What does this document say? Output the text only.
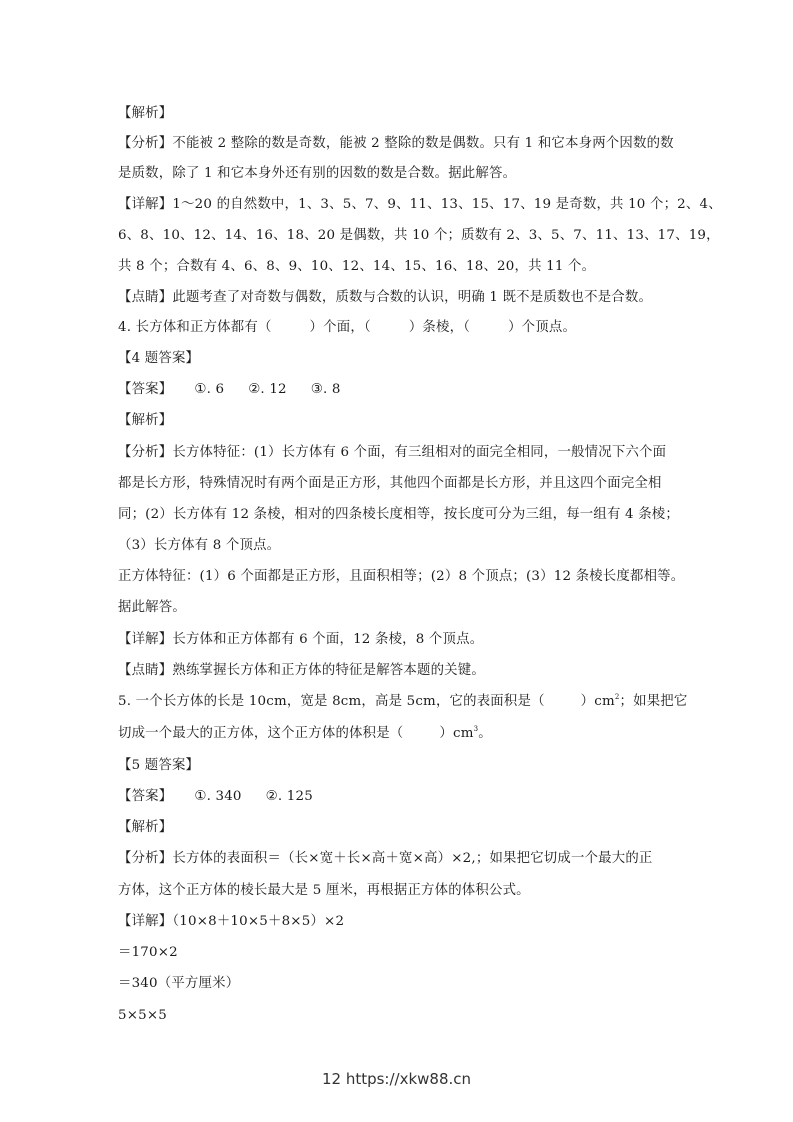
【解析】
【分析】不能被 2 整除的数是奇数，能被 2 整除的数是偶数。只有 1 和它本身两个因数的数
是质数，除了 1 和它本身外还有别的因数的数是合数。据此解答。
【详解】1～20 的自然数中，1、3、5、7、9、11、13、15、17、19 是奇数，共 10 个；2、4、
6、8、10、12、14、16、18、20 是偶数，共 10 个；质数有 2、3、5、7、11、13、17、19，
共 8 个；合数有 4、6、8、9、10、12、14、15、16、18、20，共 11 个。
【点睛】此题考查了对奇数与偶数，质数与合数的认识，明确 1 既不是质数也不是合数。
4. 长方体和正方体都有（	）个面，（	）条棱，（	）个顶点。
【4 题答案】
【答案】 ①. 6 ②. 12 ③. 8
【解析】
【分析】长方体特征：(1）长方体有 6 个面，有三组相对的面完全相同，一般情况下六个面
都是长方形，特殊情况时有两个面是正方形，其他四个面都是长方形，并且这四个面完全相
同；(2）长方体有 12 条棱，相对的四条棱长度相等，按长度可分为三组，每一组有 4 条棱；
（3）长方体有 8 个顶点。
正方体特征：(1）6 个面都是正方形，且面积相等；(2）8 个顶点；(3）12 条棱长度都相等。
据此解答。
【详解】长方体和正方体都有 6 个面，12 条棱，8 个顶点。
【点睛】熟练掌握长方体和正方体的特征是解答本题的关键。
5. 一个长方体的长是 10cm，宽是 8cm，高是 5cm，它的表面积是（	）$cm^2$；如果把它
切成一个最大的正方体，这个正方体的体积是（	）$cm^3$。
【5 题答案】
【答案】 ①. 340 ②. 125
【解析】
【分析】长方体的表面积＝（长×宽＋长×高＋宽×高）×2,；如果把它切成一个最大的正
方体，这个正方体的棱长最大是 5 厘米，再根据正方体的体积公式。
【详解】（10×8＋10×5＋8×5）×2
＝170×2
＝340（平方厘米）
5×5×5
12 https://xkw88.cn
